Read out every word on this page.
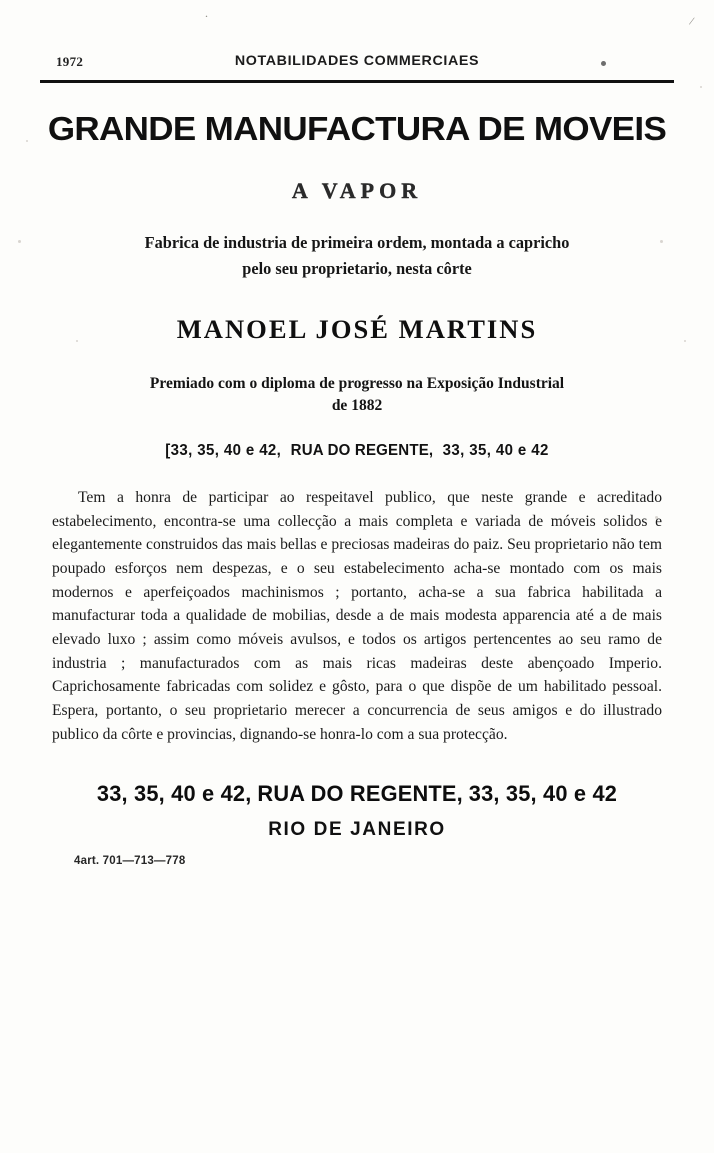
/
.
1972	NOTABILIDADES COMMERCIAES
GRANDE MANUFACTURA DE MOVEIS
A VAPOR
Fabrica de industria de primeira ordem, montada a capricho
pelo seu proprietario, nesta côrte
MANOEL JOSÉ MARTINS
Premiado com o diploma de progresso na Exposição Industrial
de 1882
[33, 35, 40 e 42, RUA DO REGENTE, 33, 35, 40 e 42
Tem a honra de participar ao respeitavel publico, que neste grande e acreditado estabelecimento, encontra-se uma collecção a mais completa e variada de móveis solidos e elegantemente construidos das mais bellas e preciosas madeiras do paiz. Seu proprietario não tem poupado esforços nem despezas, e o seu estabelecimento acha-se montado com os mais modernos e aperfeiçoados machinismos ; portanto, acha-se a sua fabrica habilitada a manufacturar toda a qualidade de mobilias, desde a de mais modesta apparencia até a de mais elevado luxo ; assim como móveis avulsos, e todos os artigos pertencentes ao seu ramo de industria ; manufacturados com as mais ricas madeiras deste abençoado Imperio. Caprichosamente fabricadas com solidez e gôsto, para o que dispõe de um habilitado pessoal. Espera, portanto, o seu proprietario merecer a concurrencia de seus amigos e do illustrado publico da côrte e provincias, dignando-se honra-lo com a sua protecção.
33, 35, 40 e 42, RUA DO REGENTE, 33, 35, 40 e 42
RIO DE JANEIRO
4art. 701—713—778
